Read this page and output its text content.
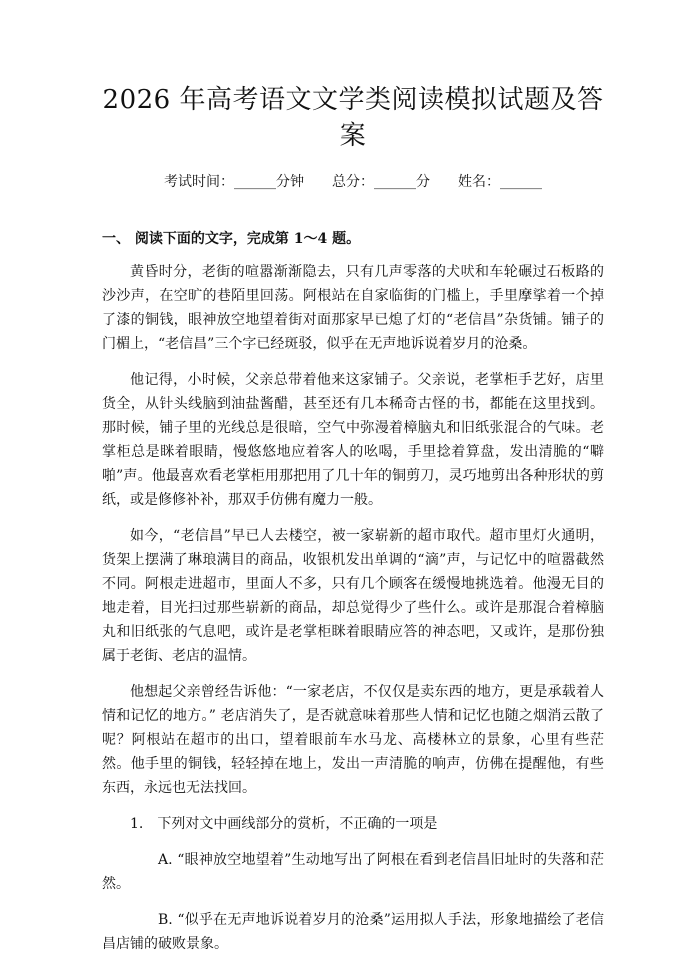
2026 年高考语文文学类阅读模拟试题及答案
考试时间：______分钟 总分：______分 姓名：______
一、 阅读下面的文字，完成第 1～4 题。

黄昏时分，老街的喧嚣渐渐隐去，只有几声零落的犬吠和车轮碾过石板路的沙沙声，在空旷的巷陌里回荡。阿根站在自家临街的门槛上，手里摩挲着一个掉了漆的铜钱，眼神放空地望着街对面那家早已熄了灯的“老信昌”杂货铺。铺子的门楣上，“老信昌”三个字已经斑驳，似乎在无声地诉说着岁月的沧桑。

他记得，小时候，父亲总带着他来这家铺子。父亲说，老掌柜手艺好，店里货全，从针头线脑到油盐酱醋，甚至还有几本稀奇古怪的书，都能在这里找到。那时候，铺子里的光线总是很暗，空气中弥漫着樟脑丸和旧纸张混合的气味。老掌柜总是眯着眼睛，慢悠悠地应着客人的吆喝，手里捻着算盘，发出清脆的“噼啪”声。他最喜欢看老掌柜用那把用了几十年的铜剪刀，灵巧地剪出各种形状的剪纸，或是修修补补，那双手仿佛有魔力一般。

如今，“老信昌”早已人去楼空，被一家崭新的超市取代。超市里灯火通明，货架上摆满了琳琅满目的商品，收银机发出单调的“滴”声，与记忆中的喧嚣截然不同。阿根走进超市，里面人不多，只有几个顾客在缓慢地挑选着。他漫无目的地走着，目光扫过那些崭新的商品，却总觉得少了些什么。或许是那混合着樟脑丸和旧纸张的气息吧，或许是老掌柜眯着眼睛应答的神态吧，又或许，是那份独属于老街、老店的温情。

他想起父亲曾经告诉他：“一家老店，不仅仅是卖东西的地方，更是承载着人情和记忆的地方。” 老店消失了，是否就意味着那些人情和记忆也随之烟消云散了呢？阿根站在超市的出口，望着眼前车水马龙、高楼林立的景象，心里有些茫然。他手里的铜钱，轻轻掉在地上，发出一声清脆的响声，仿佛在提醒他，有些东西，永远也无法找回。

1.　下列对文中画线部分的赏析，不正确的一项是

A. “眼神放空地望着”生动地写出了阿根在看到老信昌旧址时的失落和茫然。

B. “似乎在无声地诉说着岁月的沧桑”运用拟人手法，形象地描绘了老信昌店铺的破败景象。
